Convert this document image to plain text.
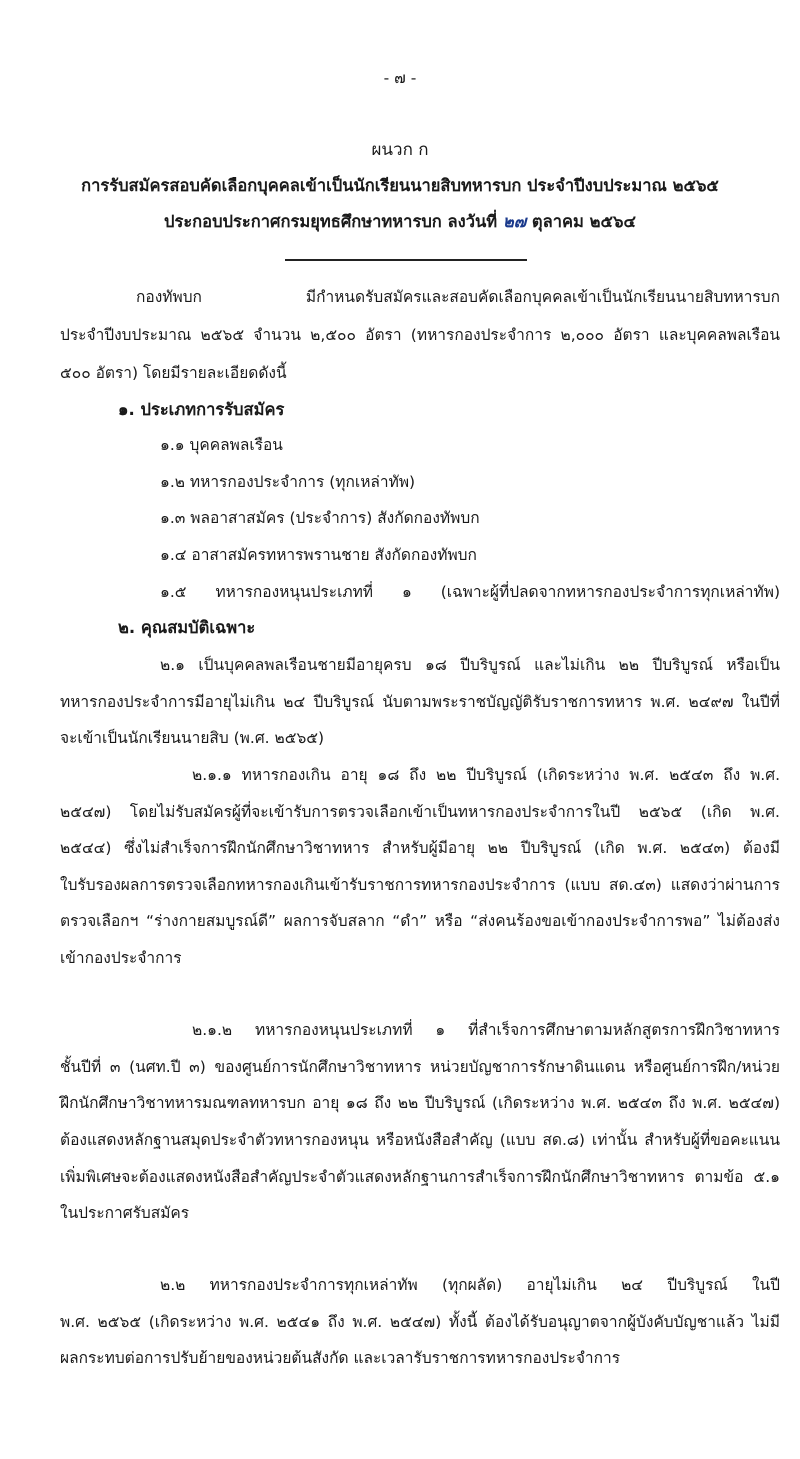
- ๗ -
ผนวก ก
การรับสมัครสอบคัดเลือกบุคคลเข้าเป็นนักเรียนนายสิบทหารบก ประจำปีงบประมาณ ๒๕๖๕
ประกอบประกาศกรมยุทธศึกษาทหารบก ลงวันที่ ๒๗ ตุลาคม ๒๕๖๔
กองทัพบก มีกำหนดรับสมัครและสอบคัดเลือกบุคคลเข้าเป็นนักเรียนนายสิบทหารบก
ประจำปีงบประมาณ ๒๕๖๕ จำนวน ๒,๕๐๐ อัตรา (ทหารกองประจำการ ๒,๐๐๐ อัตรา และบุคคลพลเรือน
๕๐๐ อัตรา) โดยมีรายละเอียดดังนี้
๑. ประเภทการรับสมัคร
๑.๑ บุคคลพลเรือน
๑.๒ ทหารกองประจำการ (ทุกเหล่าทัพ)
๑.๓ พลอาสาสมัคร (ประจำการ) สังกัดกองทัพบก
๑.๔ อาสาสมัครทหารพรานชาย สังกัดกองทัพบก
๑.๕ ทหารกองหนุนประเภทที่ ๑ (เฉพาะผู้ที่ปลดจากทหารกองประจำการทุกเหล่าทัพ)
๒. คุณสมบัติเฉพาะ
๒.๑ เป็นบุคคลพลเรือนชายมีอายุครบ ๑๘ ปีบริบูรณ์ และไม่เกิน ๒๒ ปีบริบูรณ์ หรือเป็น
ทหารกองประจำการมีอายุไม่เกิน ๒๔ ปีบริบูรณ์ นับตามพระราชบัญญัติรับราชการทหาร พ.ศ. ๒๔๙๗ ในปีที่
จะเข้าเป็นนักเรียนนายสิบ (พ.ศ. ๒๕๖๕)
๒.๑.๑ ทหารกองเกิน อายุ ๑๘ ถึง ๒๒ ปีบริบูรณ์ (เกิดระหว่าง พ.ศ. ๒๕๔๓ ถึง พ.ศ.
๒๕๔๗) โดยไม่รับสมัครผู้ที่จะเข้ารับการตรวจเลือกเข้าเป็นทหารกองประจำการในปี ๒๕๖๕ (เกิด พ.ศ.
๒๕๔๔) ซึ่งไม่สำเร็จการฝึกนักศึกษาวิชาทหาร สำหรับผู้มีอายุ ๒๒ ปีบริบูรณ์ (เกิด พ.ศ. ๒๕๔๓) ต้องมี
ใบรับรองผลการตรวจเลือกทหารกองเกินเข้ารับราชการทหารกองประจำการ (แบบ สด.๔๓) แสดงว่าผ่านการ
ตรวจเลือกฯ “ร่างกายสมบูรณ์ดี” ผลการจับสลาก “ดำ” หรือ “ส่งคนร้องขอเข้ากองประจำการพอ” ไม่ต้องส่ง
เข้ากองประจำการ
๒.๑.๒ ทหารกองหนุนประเภทที่ ๑ ที่สำเร็จการศึกษาตามหลักสูตรการฝึกวิชาทหาร
ชั้นปีที่ ๓ (นศท.ปี ๓) ของศูนย์การนักศึกษาวิชาทหาร หน่วยบัญชาการรักษาดินแดน หรือศูนย์การฝึก/หน่วย
ฝึกนักศึกษาวิชาทหารมณฑลทหารบก อายุ ๑๘ ถึง ๒๒ ปีบริบูรณ์ (เกิดระหว่าง พ.ศ. ๒๕๔๓ ถึง พ.ศ. ๒๕๔๗)
ต้องแสดงหลักฐานสมุดประจำตัวทหารกองหนุน หรือหนังสือสำคัญ (แบบ สด.๘) เท่านั้น สำหรับผู้ที่ขอคะแนน
เพิ่มพิเศษจะต้องแสดงหนังสือสำคัญประจำตัวแสดงหลักฐานการสำเร็จการฝึกนักศึกษาวิชาทหาร ตามข้อ ๕.๑
ในประกาศรับสมัคร
๒.๒ ทหารกองประจำการทุกเหล่าทัพ (ทุกผลัด) อายุไม่เกิน ๒๔ ปีบริบูรณ์ ในปี
พ.ศ. ๒๕๖๕ (เกิดระหว่าง พ.ศ. ๒๕๔๑ ถึง พ.ศ. ๒๕๔๗) ทั้งนี้ ต้องได้รับอนุญาตจากผู้บังคับบัญชาแล้ว ไม่มี
ผลกระทบต่อการปรับย้ายของหน่วยต้นสังกัด และเวลารับราชการทหารกองประจำการ
